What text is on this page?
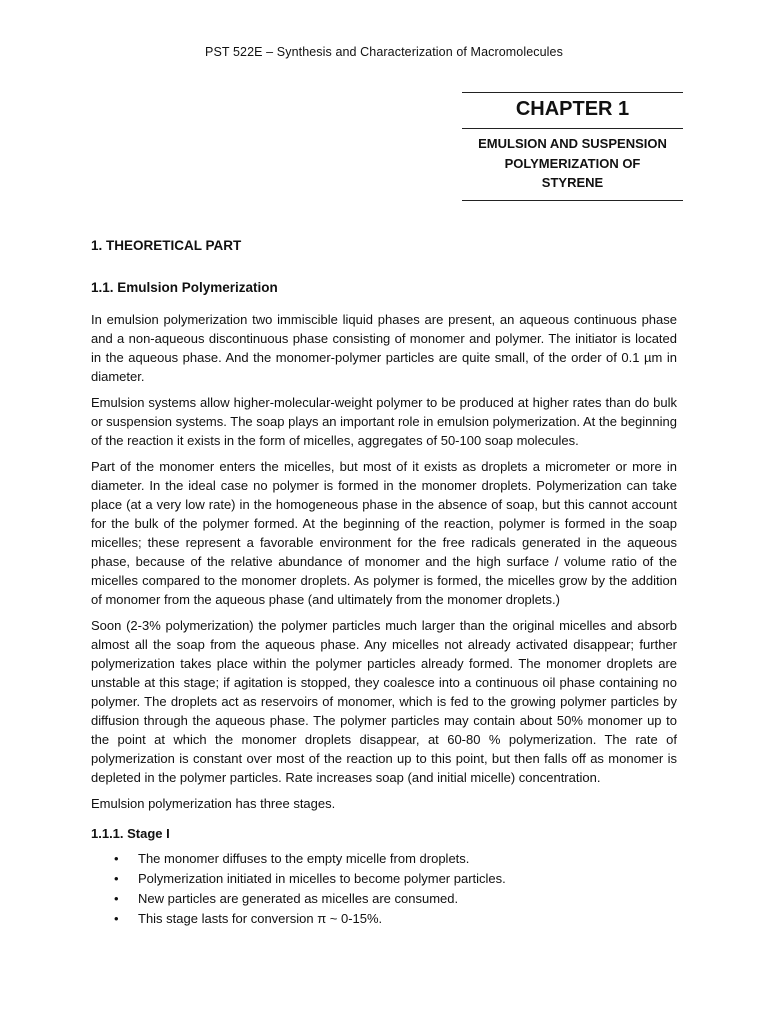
PST 522E – Synthesis and Characterization of Macromolecules
CHAPTER 1
EMULSION AND SUSPENSION
POLYMERIZATION OF
STYRENE
1. THEORETICAL PART
1.1. Emulsion Polymerization

In emulsion polymerization two immiscible liquid phases are present, an aqueous continuous phase and a non-aqueous discontinuous phase consisting of monomer and polymer. The initiator is located in the aqueous phase. And the monomer-polymer particles are quite small, of the order of 0.1 µm in diameter.

Emulsion systems allow higher-molecular-weight polymer to be produced at higher rates than do bulk or suspension systems. The soap plays an important role in emulsion polymerization. At the beginning of the reaction it exists in the form of micelles, aggregates of 50-100 soap molecules.

Part of the monomer enters the micelles, but most of it exists as droplets a micrometer or more in diameter. In the ideal case no polymer is formed in the monomer droplets. Polymerization can take place (at a very low rate) in the homogeneous phase in the absence of soap, but this cannot account for the bulk of the polymer formed. At the beginning of the reaction, polymer is formed in the soap micelles; these represent a favorable environment for the free radicals generated in the aqueous phase, because of the relative abundance of monomer and the high surface / volume ratio of the micelles compared to the monomer droplets. As polymer is formed, the micelles grow by the addition of monomer from the aqueous phase (and ultimately from the monomer droplets.)

Soon (2-3% polymerization) the polymer particles much larger than the original micelles and absorb almost all the soap from the aqueous phase. Any micelles not already activated disappear; further polymerization takes place within the polymer particles already formed. The monomer droplets are unstable at this stage; if agitation is stopped, they coalesce into a continuous oil phase containing no polymer. The droplets act as reservoirs of monomer, which is fed to the growing polymer particles by diffusion through the aqueous phase. The polymer particles may contain about 50% monomer up to the point at which the monomer droplets disappear, at 60-80 % polymerization. The rate of polymerization is constant over most of the reaction up to this point, but then falls off as monomer is depleted in the polymer particles. Rate increases soap (and initial micelle) concentration.

Emulsion polymerization has three stages.

1.1.1. Stage I
• The monomer diffuses to the empty micelle from droplets.
• Polymerization initiated in micelles to become polymer particles.
• New particles are generated as micelles are consumed.
• This stage lasts for conversion π ~ 0-15%.
